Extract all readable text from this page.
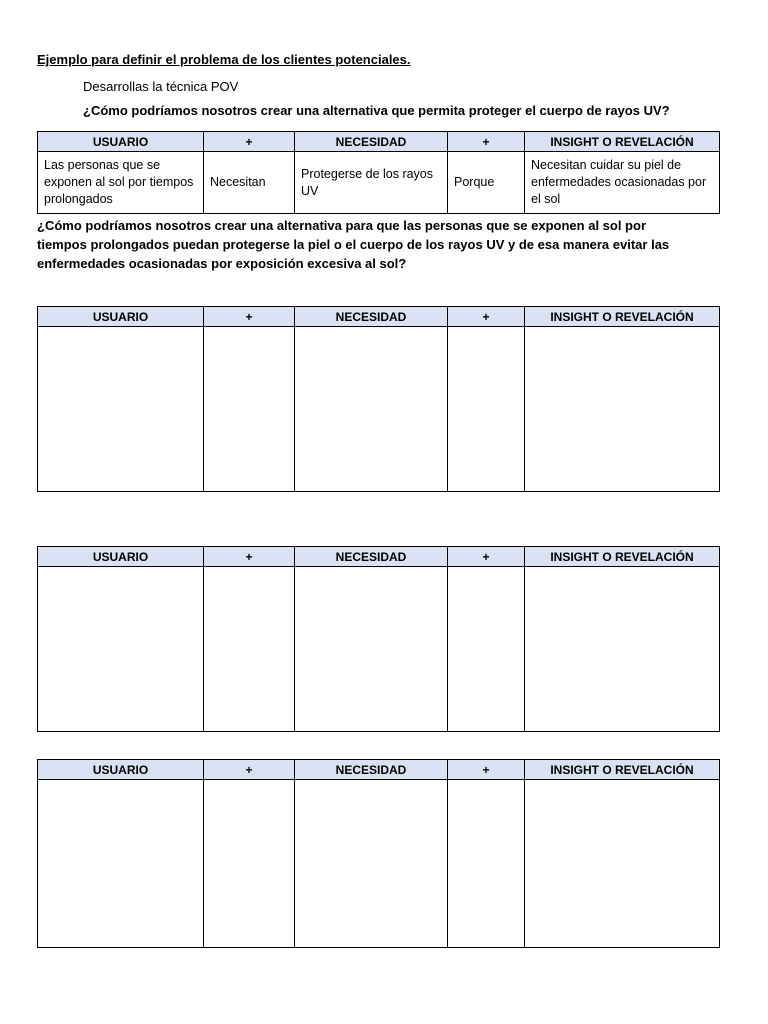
Ejemplo para definir el problema de los clientes potenciales.
Desarrollas la técnica POV
¿Cómo podríamos nosotros crear una alternativa que permita proteger el cuerpo de rayos UV?
USUARIO	+	NECESIDAD	+	INSIGHT O REVELACIÓN
Las personas que se exponen al sol por tiempos prolongados	Necesitan	Protegerse de los rayos UV	Porque	Necesitan cuidar su piel de enfermedades ocasionadas por el sol
¿Cómo podríamos nosotros crear una alternativa para que las personas que se exponen al sol por tiempos prolongados puedan protegerse la piel o el cuerpo de los rayos UV y de esa manera evitar las enfermedades ocasionadas por exposición excesiva al sol?
USUARIO	+	NECESIDAD	+	INSIGHT O REVELACIÓN

USUARIO	+	NECESIDAD	+	INSIGHT O REVELACIÓN

USUARIO	+	NECESIDAD	+	INSIGHT O REVELACIÓN
